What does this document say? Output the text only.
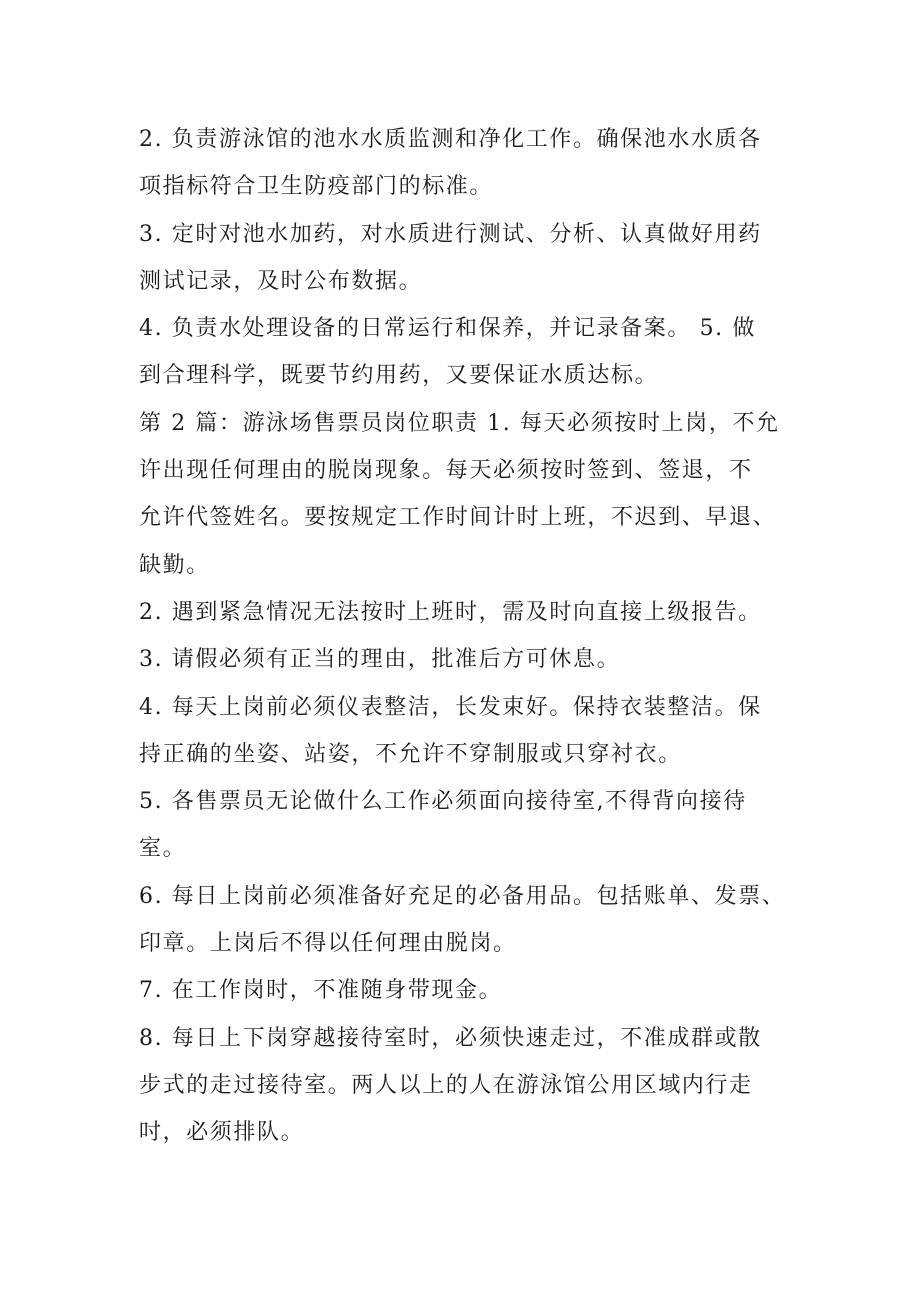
2. 负责游泳馆的池水水质监测和净化工作。确保池水水质各
项指标符合卫生防疫部门的标准。
3. 定时对池水加药，对水质进行测试、分析、认真做好用药
测试记录，及时公布数据。
4. 负责水处理设备的日常运行和保养，并记录备案。 5. 做
到合理科学，既要节约用药，又要保证水质达标。
第 2 篇：游泳场售票员岗位职责 1. 每天必须按时上岗，不允
许出现任何理由的脱岗现象。每天必须按时签到、签退，不
允许代签姓名。要按规定工作时间计时上班，不迟到、早退、
缺勤。
2. 遇到紧急情况无法按时上班时，需及时向直接上级报告。
3. 请假必须有正当的理由，批准后方可休息。
4. 每天上岗前必须仪表整洁，长发束好。保持衣装整洁。保
持正确的坐姿、站姿，不允许不穿制服或只穿衬衣。
5. 各售票员无论做什么工作必须面向接待室,不得背向接待
室。
6. 每日上岗前必须准备好充足的必备用品。包括账单、发票、
印章。上岗后不得以任何理由脱岗。
7. 在工作岗时，不准随身带现金。
8. 每日上下岗穿越接待室时，必须快速走过，不准成群或散
步式的走过接待室。两人以上的人在游泳馆公用区域内行走
吋，必须排队。
